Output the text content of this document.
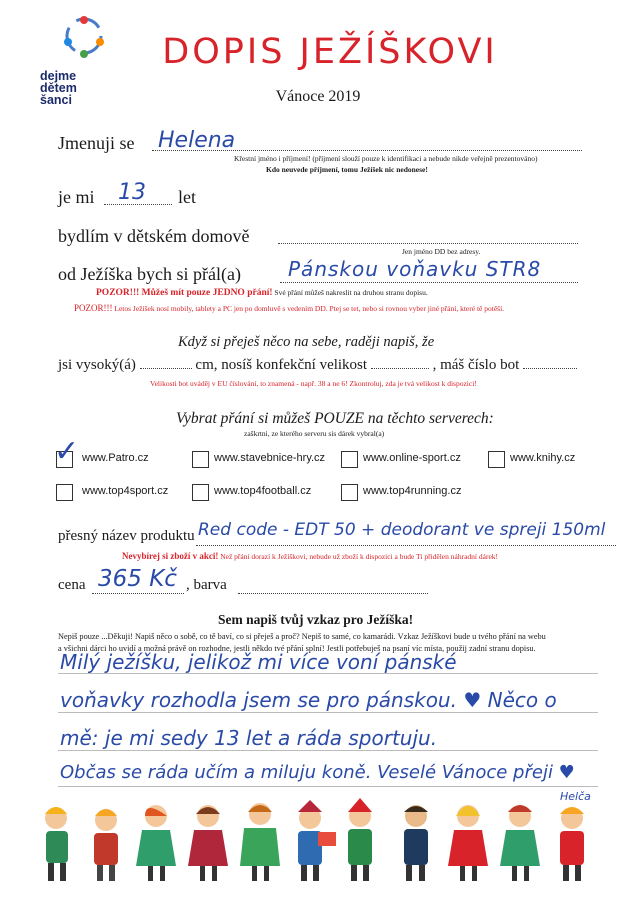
dejme
dětem
šanci
DOPIS JEŽÍŠKOVI
Vánoce 2019
Jmenuji se Helena
Křestní jméno i příjmení! (příjmení slouží pouze k identifikaci a nebude nikde veřejně prezentováno)
Kdo neuvede příjmení, tomu Ježíšek nic nedonese!
je mi 13 let
bydlím v dětském domově
Jen jméno DD bez adresy.
od Ježíška bych si přál(a) Pánskou voňavku STR8
POZOR!!! Můžeš mít pouze JEDNO přání! Své přání můžeš nakreslit na druhou stranu dopisu.
POZOR!!! Letos Ježíšek nosí mobily, tablety a PC jen po domluvě s vedením DD. Ptej se tet, nebo si rovnou vyber jiné přání, které tě potěší.
Když si přeješ něco na sebe, raději napiš, že
jsi vysoký(á)	cm, nosíš konfekční velikost	, máš číslo bot
Velikosti bot uváděj v EU číslování, to znamená - např. 38 a ne 6! Zkontroluj, zda je tvá velikost k dispozici!
Vybrat přání si můžeš POUZE na těchto serverech:
zaškrtni, ze kterého serveru sis dárek vybral(a)
✓ www.Patro.cz	www.stavebnice-hry.cz	www.online-sport.cz	www.knihy.cz
www.top4sport.cz	www.top4football.cz	www.top4running.cz
přesný název produktu Red code - EDT 50 + deodorant ve spreji 150ml
Nevybírej si zboží v akci! Než přání dorazí k Ježíškovi, nebude už zboží k dispozici a bude Ti přidělen náhradní dárek!
cena 365 Kč , barva
Sem napiš tvůj vzkaz pro Ježíška!
Nepiš pouze ...Děkuji! Napiš něco o sobě, co tě baví, co si přeješ a proč? Nepiš to samé, co kamarádi. Vzkaz Ježíškovi bude u tvého přání na webu
a všichni dárci ho uvidí a možná právě on rozhodne, jestli někdo tvé přání splní! Jestli potřebuješ na psaní víc místa, použij zadní stranu dopisu.
Milý ježíšku, jelikož mi více voní pánské
voňavky rozhodla jsem se pro pánskou. ♥ Něco o
mě: je mi sedy 13 let a ráda sportuju.
Občas se ráda učím a miluju koně. Veselé Vánoce přeji ♥
Helča
